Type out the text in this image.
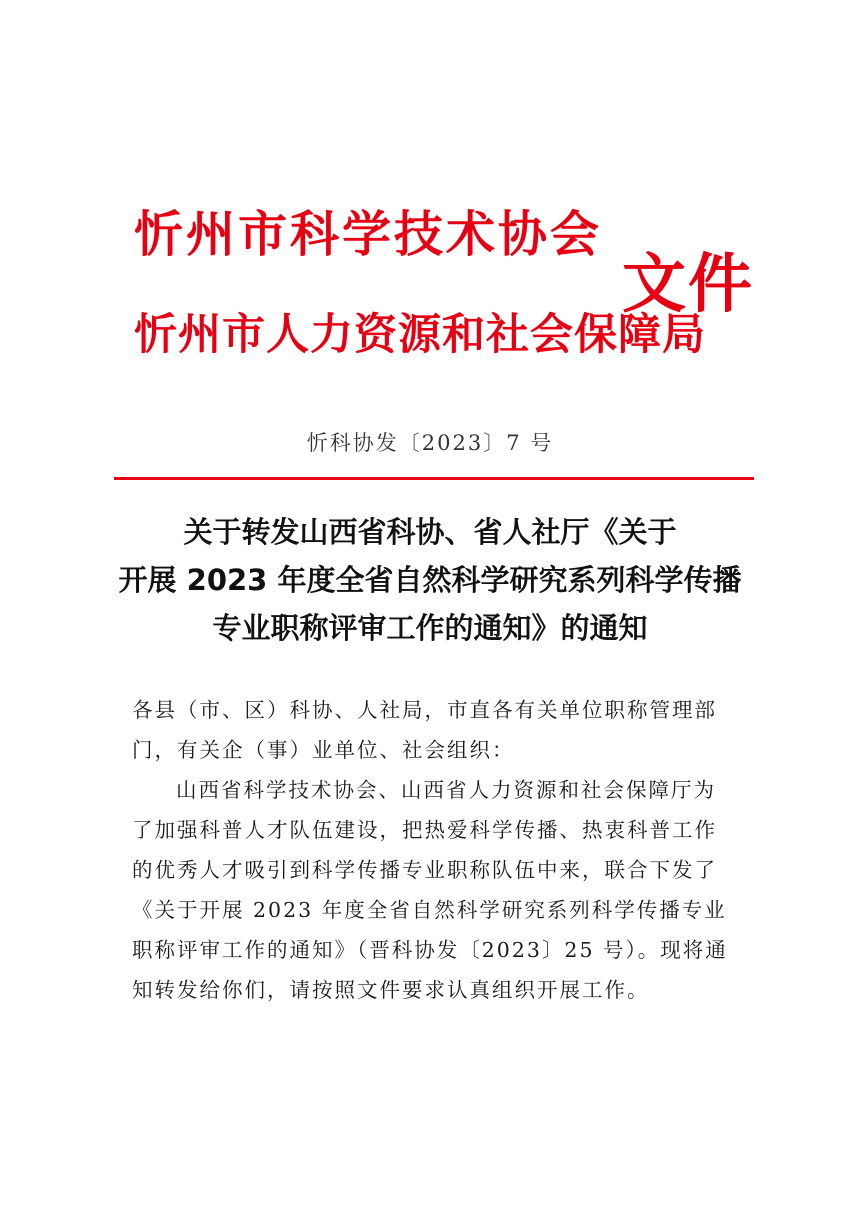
忻州市科学技术协会
忻州市人力资源和社会保障局
文件
忻科协发〔2023〕7 号
关于转发山西省科协、省人社厅《关于
开展 2023 年度全省自然科学研究系列科学传播
专业职称评审工作的通知》的通知

各县（市、区）科协、人社局，市直各有关单位职称管理部门，有关企（事）业单位、社会组织：

山西省科学技术协会、山西省人力资源和社会保障厅为了加强科普人才队伍建设，把热爱科学传播、热衷科普工作的优秀人才吸引到科学传播专业职称队伍中来，联合下发了《关于开展 2023 年度全省自然科学研究系列科学传播专业职称评审工作的通知》（晋科协发〔2023〕25 号）。现将通知转发给你们，请按照文件要求认真组织开展工作。
